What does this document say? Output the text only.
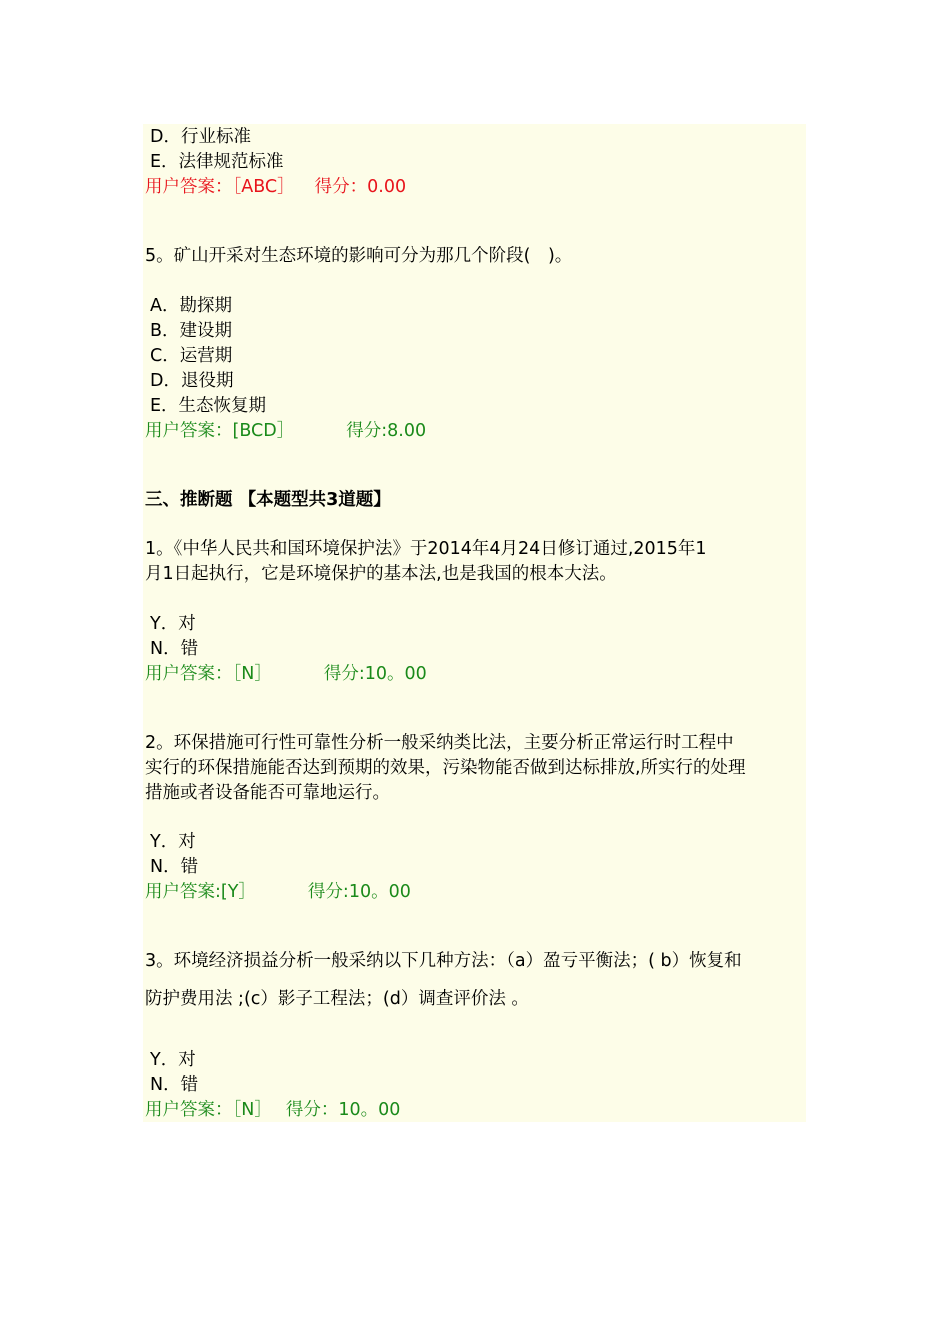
D．行业标准

E．法律规范标准

用户答案：［ABC］ 得分：0.00

5。矿山开采对生态环境的影响可分为那几个阶段(　)。

A．勘探期

B．建设期

C．运营期

D．退役期

E．生态恢复期

用户答案：[BCD］	得分:8.00

三、推断题 【本题型共3道题】

1。《中华人民共和国环境保护法》于2014年4月24日修订通过,2015年1

月1日起执行，它是环境保护的基本法,也是我国的根本大法。

Y．对

N．错

用户答案：［N］	得分:10。00

2。环保措施可行性可靠性分析一般采纳类比法，主要分析正常运行时工程中

实行的环保措施能否达到预期的效果，污染物能否做到达标排放,所实行的处理

措施或者设备能否可靠地运行。

Y．对

N．错

用户答案:[Y］	得分:10。00

3。环境经济损益分析一般采纳以下几种方法：（a）盈亏平衡法；( b）恢复和

防护费用法 ;(c）影子工程法；(d）调查评价法 。

Y．对

N．错

用户答案：［N］ 得分：10。00
